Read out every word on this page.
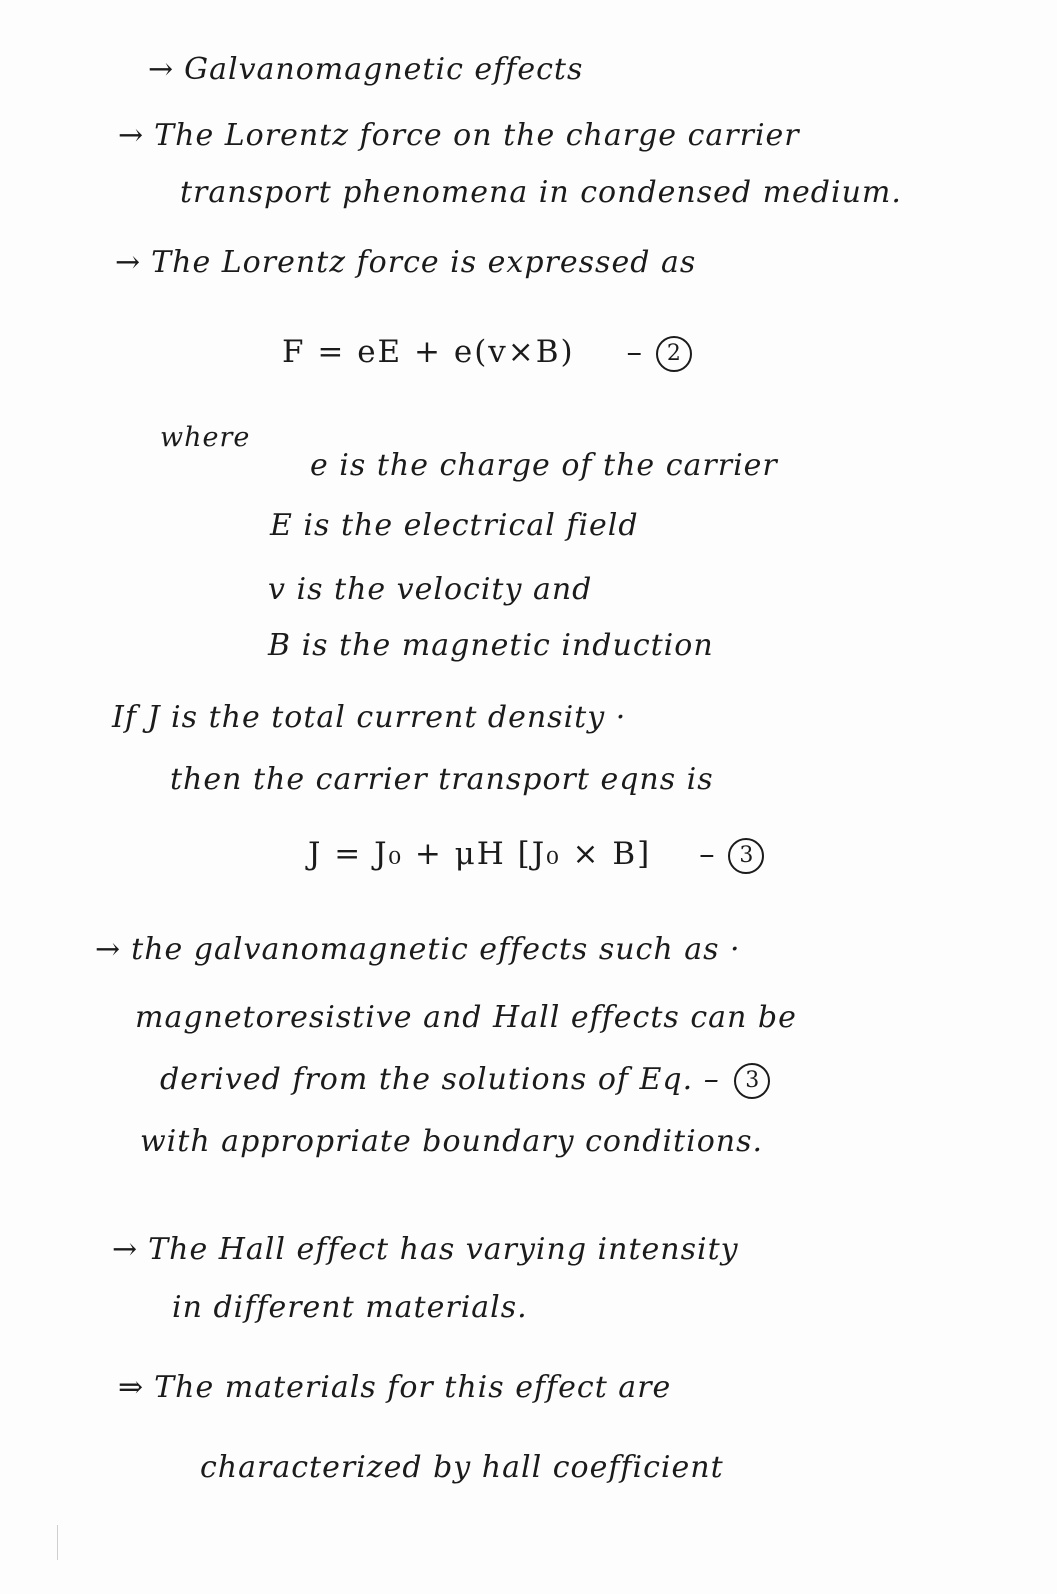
→ Galvanomagnetic effects
→ The Lorentz force on the charge carrier
transport phenomena in condensed medium.
→ The Lorentz force is expressed as
F = eE + e(v×B) – 2
where
e is the charge of the carrier
E is the electrical field
v is the velocity and
B is the magnetic induction
If J is the total current density ·
then the carrier transport eqns is
J = J₀ + μH [J₀ × B] – 3
→ the galvanomagnetic effects such as ·
magnetoresistive and Hall effects can be
derived from the solutions of Eq. – 3
with appropriate boundary conditions.
→ The Hall effect has varying intensity
in different materials.
⇒ The materials for this effect are
characterized by hall coefficient
